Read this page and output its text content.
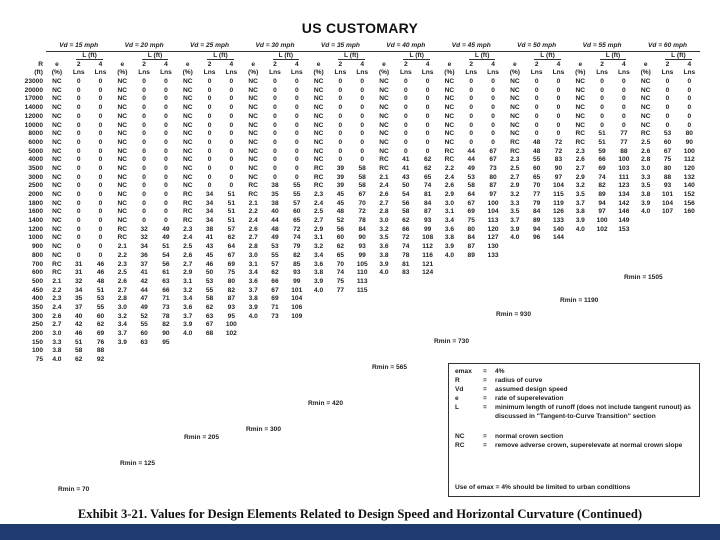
US CUSTOMARY
	Vd = 15 mph			Vd = 20 mph			Vd = 25 mph			Vd = 30 mph			Vd = 35 mph			Vd = 40 mph			Vd = 45 mph			Vd = 50 mph			Vd = 55 mph			Vd = 60 mph		
		L (ft)			L (ft)			L (ft)			L (ft)			L (ft)			L (ft)			L (ft)			L (ft)			L (ft)			L (ft)	
R	e	2	4	e	2	4	e	2	4	e	2	4	e	2	4	e	2	4	e	2	4	e	2	4	e	2	4	e	2	4
(ft)	(%)	Lns	Lns	(%)	Lns	Lns	(%)	Lns	Lns	(%)	Lns	Lns	(%)	Lns	Lns	(%)	Lns	Lns	(%)	Lns	Lns	(%)	Lns	Lns	(%)	Lns	Lns	(%)	Lns	Lns
23000	NC	0	0	NC	0	0	NC	0	0	NC	0	0	NC	0	0	NC	0	0	NC	0	0	NC	0	0	NC	0	0	NC	0	0
20000	NC	0	0	NC	0	0	NC	0	0	NC	0	0	NC	0	0	NC	0	0	NC	0	0	NC	0	0	NC	0	0	NC	0	0
17000	NC	0	0	NC	0	0	NC	0	0	NC	0	0	NC	0	0	NC	0	0	NC	0	0	NC	0	0	NC	0	0	NC	0	0
14000	NC	0	0	NC	0	0	NC	0	0	NC	0	0	NC	0	0	NC	0	0	NC	0	0	NC	0	0	NC	0	0	NC	0	0
12000	NC	0	0	NC	0	0	NC	0	0	NC	0	0	NC	0	0	NC	0	0	NC	0	0	NC	0	0	NC	0	0	NC	0	0
10000	NC	0	0	NC	0	0	NC	0	0	NC	0	0	NC	0	0	NC	0	0	NC	0	0	NC	0	0	NC	0	0	NC	0	0
8000	NC	0	0	NC	0	0	NC	0	0	NC	0	0	NC	0	0	NC	0	0	NC	0	0	NC	0	0	RC	51	77	RC	53	80
6000	NC	0	0	NC	0	0	NC	0	0	NC	0	0	NC	0	0	NC	0	0	NC	0	0	RC	48	72	RC	51	77	2.5	60	90
5000	NC	0	0	NC	0	0	NC	0	0	NC	0	0	NC	0	0	NC	0	0	RC	44	67	RC	48	72	2.3	59	88	2.6	67	100
4000	NC	0	0	NC	0	0	NC	0	0	NC	0	0	NC	0	0	RC	41	62	RC	44	67	2.3	55	83	2.6	66	100	2.8	75	112
3500	NC	0	0	NC	0	0	NC	0	0	NC	0	0	RC	39	58	RC	41	62	2.2	49	73	2.5	60	90	2.7	69	103	3.0	80	120
3000	NC	0	0	NC	0	0	NC	0	0	NC	0	0	RC	39	58	2.1	43	65	2.4	53	80	2.7	65	97	2.9	74	111	3.3	88	132
2500	NC	0	0	NC	0	0	NC	0	0	RC	38	55	RC	39	58	2.4	50	74	2.6	58	87	2.9	70	104	3.2	82	123	3.5	93	140
2000	NC	0	0	NC	0	0	RC	34	51	RC	35	55	2.3	45	67	2.6	54	81	2.9	64	97	3.2	77	115	3.5	89	134	3.8	101	152
1800	NC	0	0	NC	0	0	RC	34	51	2.1	38	57	2.4	45	70	2.7	56	84	3.0	67	100	3.3	79	119	3.7	94	142	3.9	104	156
1600	NC	0	0	NC	0	0	RC	34	51	2.2	40	60	2.5	48	72	2.8	58	87	3.1	69	104	3.5	84	126	3.8	97	146	4.0	107	160
1400	NC	0	0	NC	0	0	RC	34	51	2.4	44	65	2.7	52	78	3.0	62	93	3.4	75	113	3.7	89	133	3.9	100	149			
1200	NC	0	0	RC	32	49	2.3	38	57	2.6	48	72	2.9	56	84	3.2	66	99	3.6	80	120	3.9	94	140	4.0	102	153			
1000	NC	0	0	RC	32	49	2.4	41	62	2.7	49	74	3.1	60	90	3.5	72	108	3.8	84	127	4.0	96	144						
900	NC	0	0	2.1	34	51	2.5	43	64	2.8	53	79	3.2	62	93	3.6	74	112	3.9	87	130									
800	NC	0	0	2.2	36	54	2.6	45	67	3.0	55	82	3.4	65	99	3.8	78	116	4.0	89	133									
700	RC	31	46	2.3	37	56	2.7	46	69	3.1	57	85	3.6	70	105	3.9	81	121												
600	RC	31	46	2.5	41	61	2.9	50	75	3.4	62	93	3.8	74	110	4.0	83	124												
500	2.1	32	48	2.6	42	63	3.1	53	80	3.6	66	99	3.9	75	113															
450	2.2	34	51	2.7	44	66	3.2	55	82	3.7	67	101	4.0	77	115															
400	2.3	35	53	2.8	47	71	3.4	58	87	3.8	69	104																		
350	2.4	37	55	3.0	49	73	3.6	62	93	3.9	71	106																		
300	2.6	40	60	3.2	52	78	3.7	63	95	4.0	73	109																		
250	2.7	42	62	3.4	55	82	3.9	67	100																					
200	3.0	46	69	3.7	60	90	4.0	68	102																					
150	3.3	51	76	3.9	63	95																								
100	3.8	58	88																											
75	4.0	62	92																											
Rmin = 70
Rmin = 125
Rmin = 205
Rmin = 300
Rmin = 420
Rmin = 565
Rmin = 730
Rmin = 930
Rmin = 1190
Rmin = 1505
emax	=	4%
R	=	radius of curve
Vd	=	assumed design speed
e	=	rate of superelevation
L	=	minimum length of runoff (does not include tangent runout) as discussed in "Tangent-to-Curve Transition" section
NC	=	normal crown section
RC	=	remove adverse crown, superelevate at normal crown slope
Use of emax = 4% should be limited to urban conditions
Exhibit 3-21. Values for Design Elements Related to Design Speed and Horizontal Curvature (Continued)
